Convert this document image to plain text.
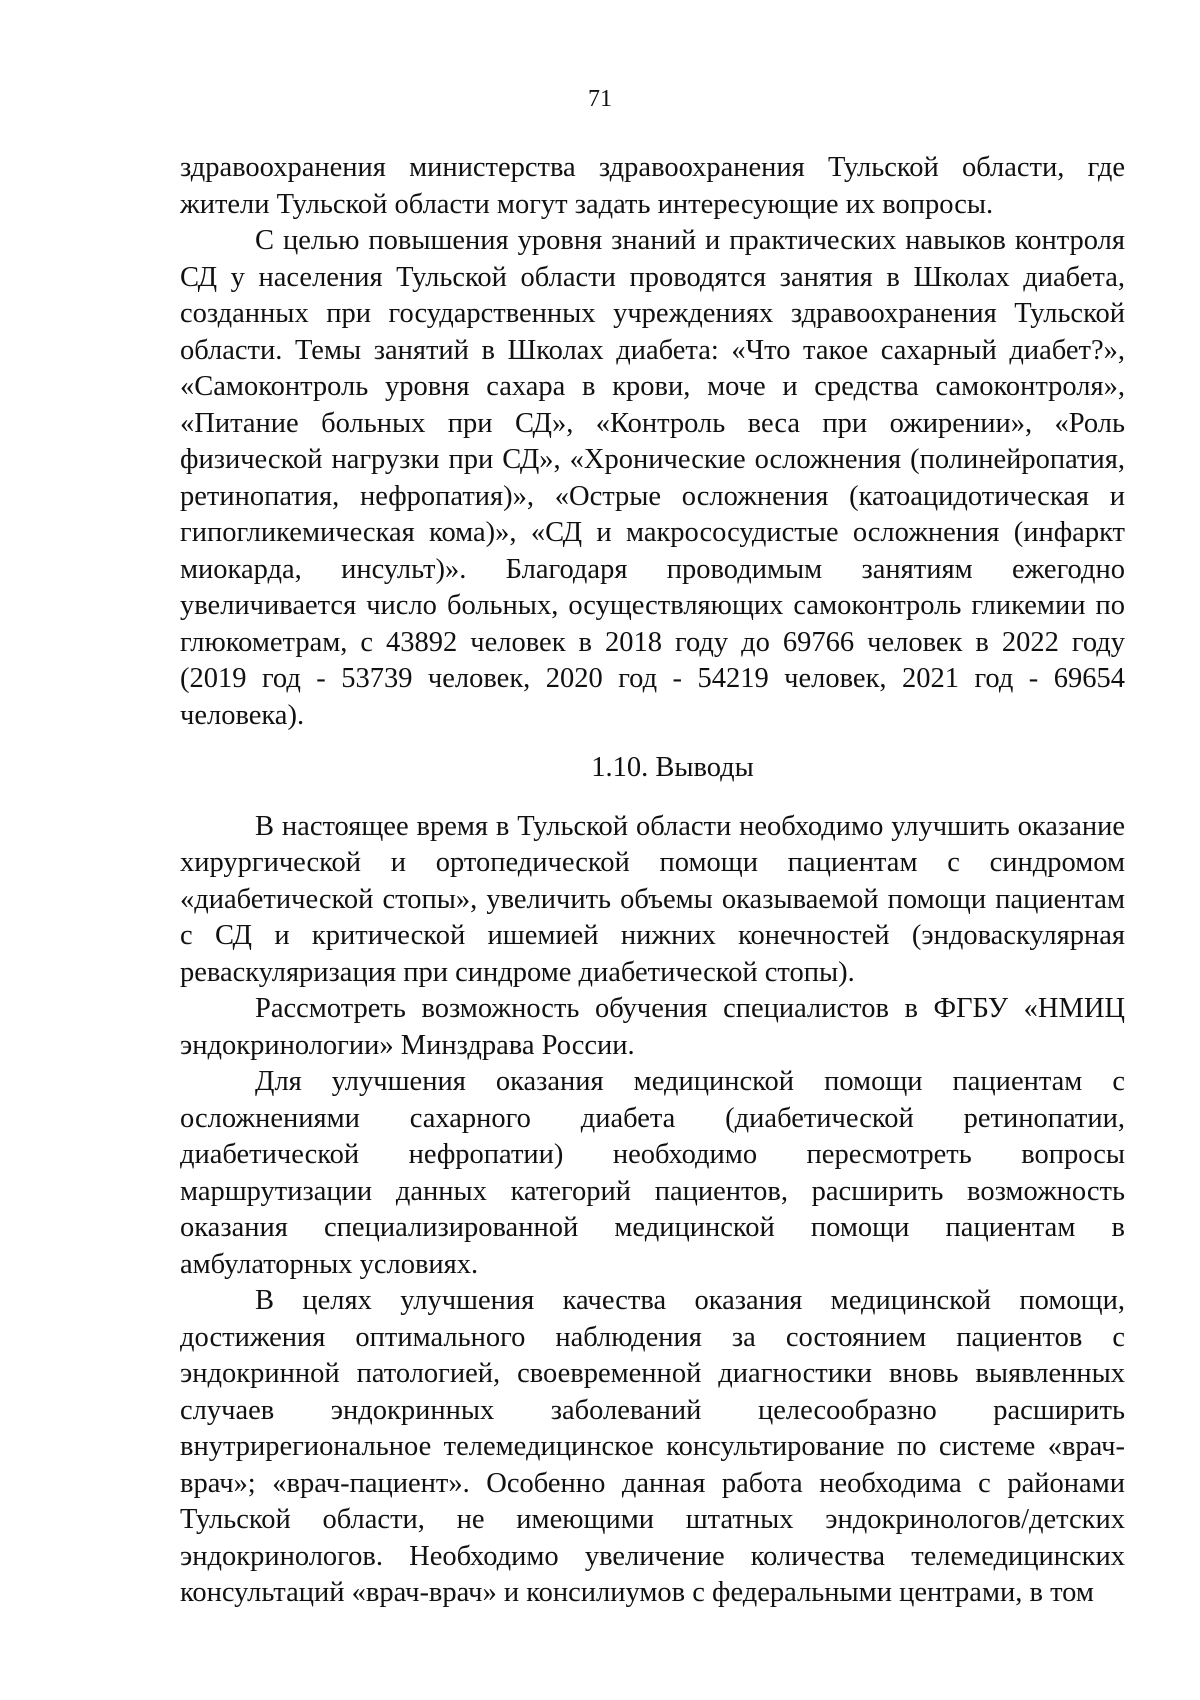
71

здравоохранения министерства здравоохранения Тульской области, где жители Тульской области могут задать интересующие их вопросы.

С целью повышения уровня знаний и практических навыков контроля СД у населения Тульской области проводятся занятия в Школах диабета, созданных при государственных учреждениях здравоохранения Тульской области. Темы занятий в Школах диабета: «Что такое сахарный диабет?», «Самоконтроль уровня сахара в крови, моче и средства самоконтроля», «Питание больных при СД», «Контроль веса при ожирении», «Роль физической нагрузки при СД», «Хронические осложнения (полинейропатия, ретинопатия, нефропатия)», «Острые осложнения (катоацидотическая и гипогликемическая кома)», «СД и макрососудистые осложнения (инфаркт миокарда, инсульт)». Благодаря проводимым занятиям ежегодно увеличивается число больных, осуществляющих самоконтроль гликемии по глюкометрам, с 43892 человек в 2018 году до 69766 человек в 2022 году (2019 год - 53739 человек, 2020 год - 54219 человек, 2021 год - 69654 человека).

1.10. Выводы

В настоящее время в Тульской области необходимо улучшить оказание хирургической и ортопедической помощи пациентам с синдромом «диабетической стопы», увеличить объемы оказываемой помощи пациентам с СД и критической ишемией нижних конечностей (эндоваскулярная реваскуляризация при синдроме диабетической стопы).

Рассмотреть возможность обучения специалистов в ФГБУ «НМИЦ эндокринологии» Минздрава России.

Для улучшения оказания медицинской помощи пациентам с осложнениями сахарного диабета (диабетической ретинопатии, диабетической нефропатии) необходимо пересмотреть вопросы маршрутизации данных категорий пациентов, расширить возможность оказания специализированной медицинской помощи пациентам в амбулаторных условиях.

В целях улучшения качества оказания медицинской помощи, достижения оптимального наблюдения за состоянием пациентов с эндокринной патологией, своевременной диагностики вновь выявленных случаев эндокринных заболеваний целесообразно расширить внутрирегиональное телемедицинское консультирование по системе «врач-врач»; «врач-пациент». Особенно данная работа необходима с районами Тульской области, не имеющими штатных эндокринологов/детских эндокринологов. Необходимо увеличение количества телемедицинских консультаций «врач-врач» и консилиумов с федеральными центрами, в том
